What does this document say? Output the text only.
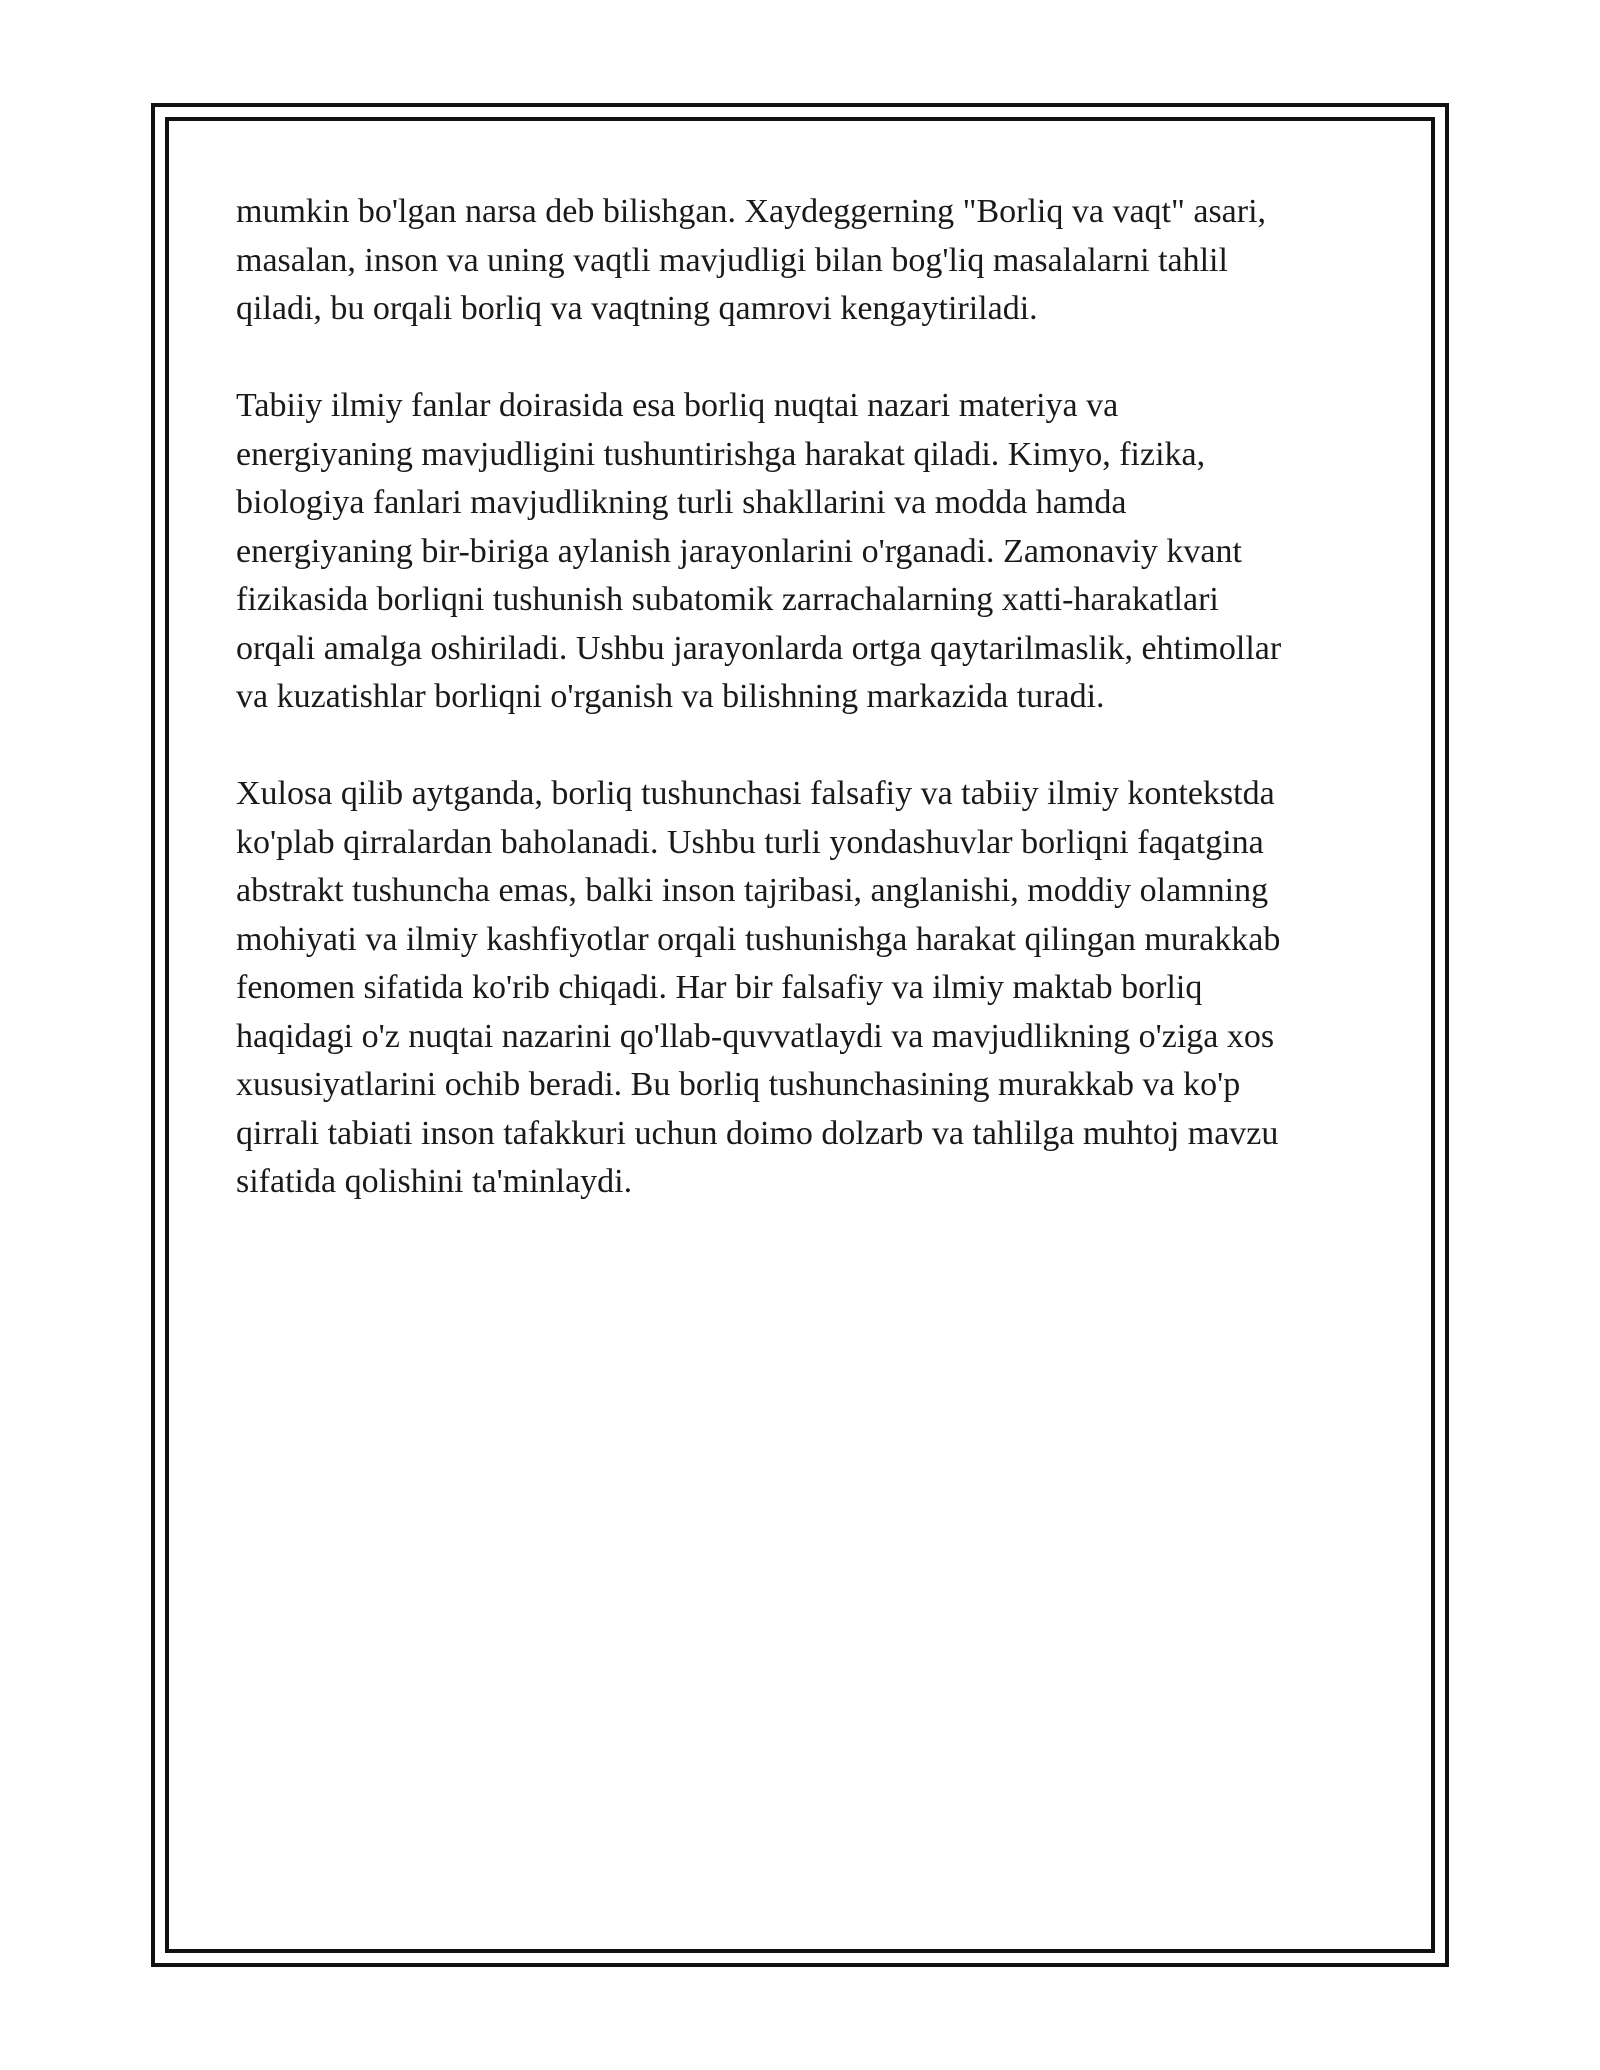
mumkin bo'lgan narsa deb bilishgan. Xaydeggerning "Borliq va vaqt" asari,
masalan, inson va uning vaqtli mavjudligi bilan bog'liq masalalarni tahlil
qiladi, bu orqali borliq va vaqtning qamrovi kengaytiriladi.

Tabiiy ilmiy fanlar doirasida esa borliq nuqtai nazari materiya va
energiyaning mavjudligini tushuntirishga harakat qiladi. Kimyo, fizika,
biologiya fanlari mavjudlikning turli shakllarini va modda hamda
energiyaning bir-biriga aylanish jarayonlarini o'rganadi. Zamonaviy kvant
fizikasida borliqni tushunish subatomik zarrachalarning xatti-harakatlari
orqali amalga oshiriladi. Ushbu jarayonlarda ortga qaytarilmaslik, ehtimollar
va kuzatishlar borliqni o'rganish va bilishning markazida turadi.

Xulosa qilib aytganda, borliq tushunchasi falsafiy va tabiiy ilmiy kontekstda
ko'plab qirralardan baholanadi. Ushbu turli yondashuvlar borliqni faqatgina
abstrakt tushuncha emas, balki inson tajribasi, anglanishi, moddiy olamning
mohiyati va ilmiy kashfiyotlar orqali tushunishga harakat qilingan murakkab
fenomen sifatida ko'rib chiqadi. Har bir falsafiy va ilmiy maktab borliq
haqidagi o'z nuqtai nazarini qo'llab-quvvatlaydi va mavjudlikning o'ziga xos
xususiyatlarini ochib beradi. Bu borliq tushunchasining murakkab va ko'p
qirrali tabiati inson tafakkuri uchun doimo dolzarb va tahlilga muhtoj mavzu
sifatida qolishini ta'minlaydi.
